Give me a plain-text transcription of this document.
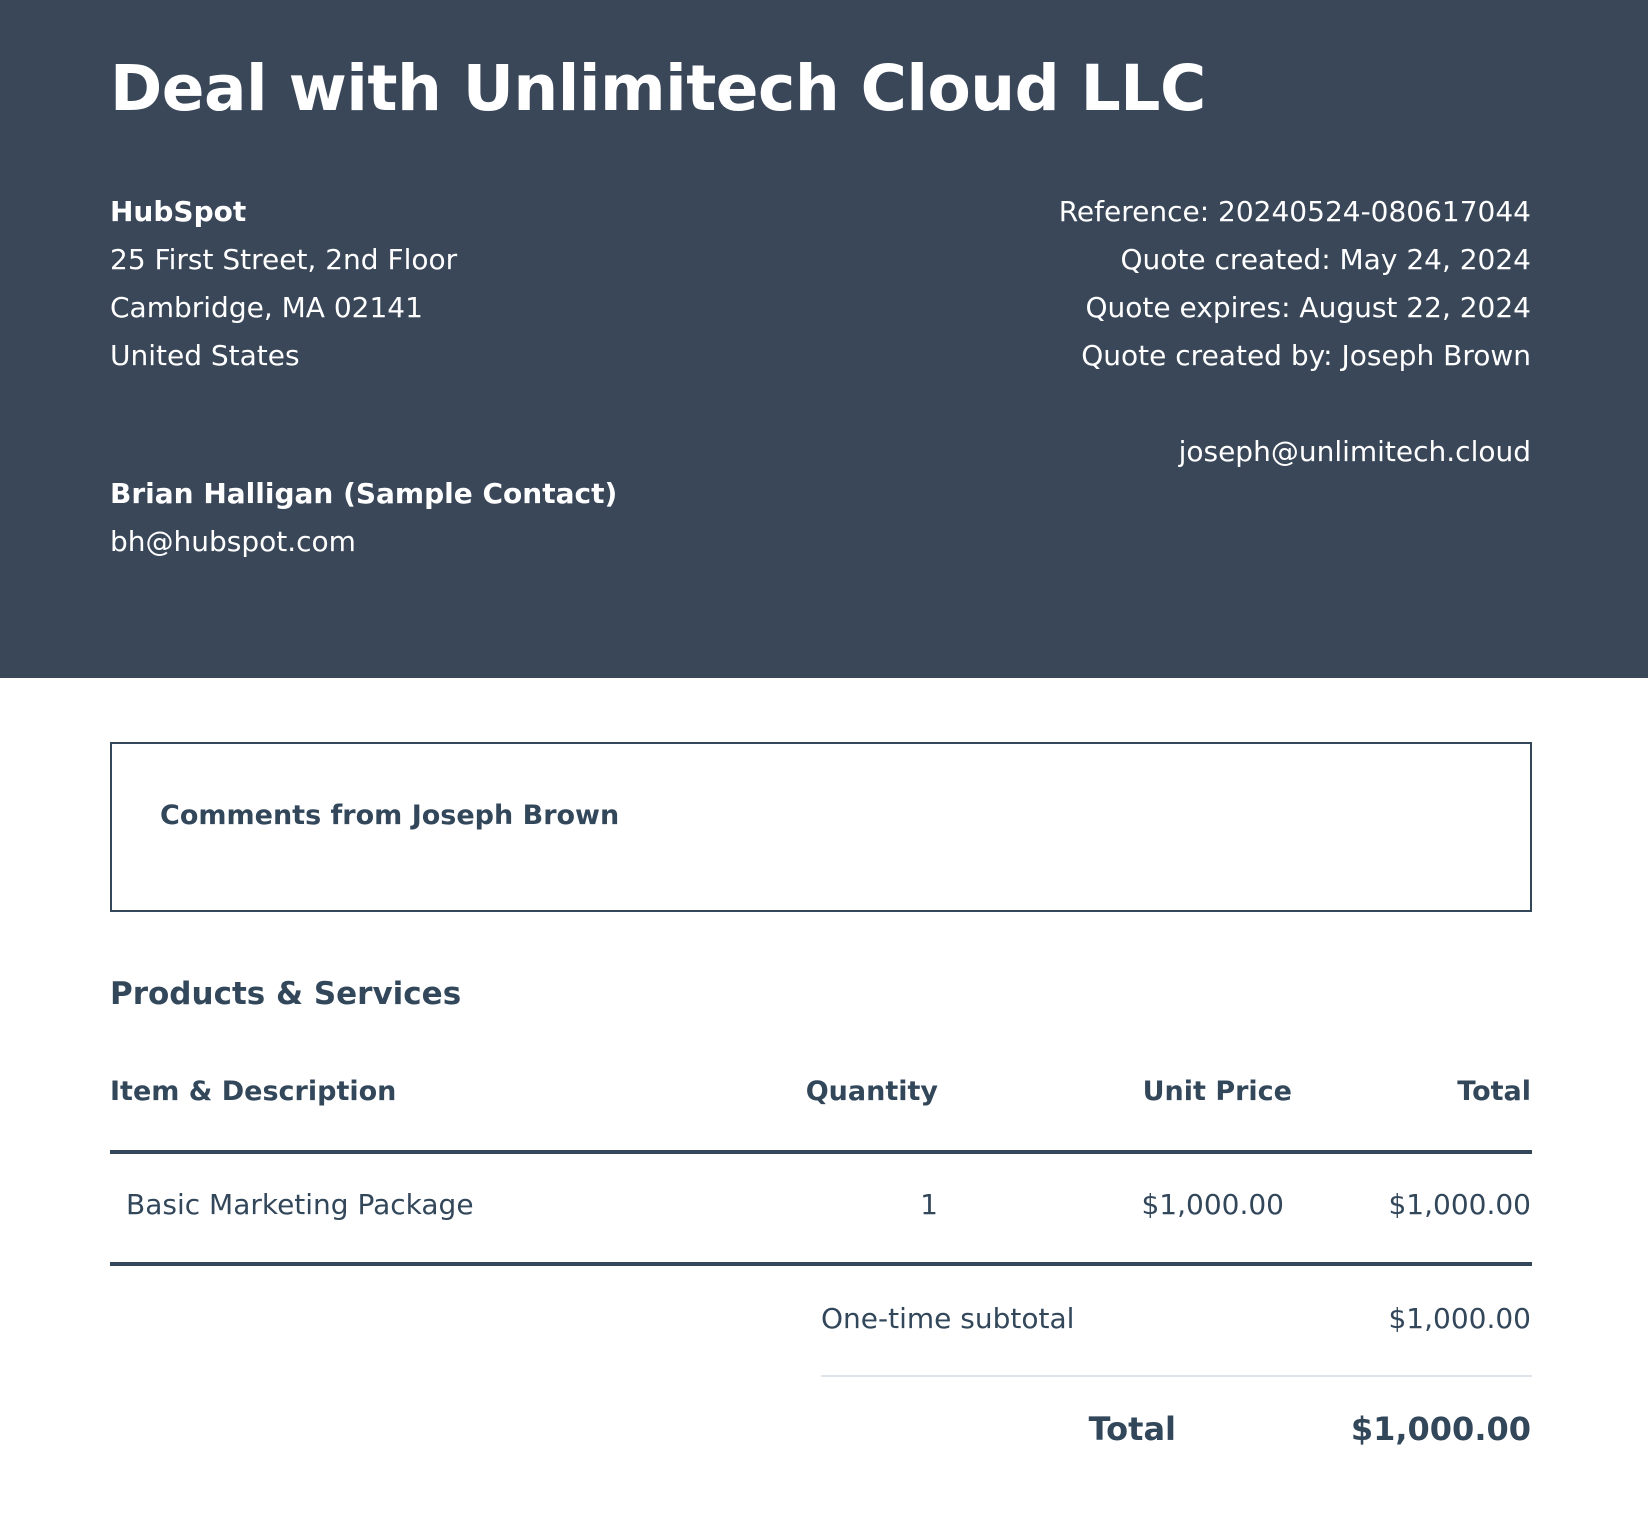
Deal with Unlimitech Cloud LLC
HubSpot
25 First Street, 2nd Floor
Cambridge, MA 02141
United States
Reference: 20240524-080617044
Quote created: May 24, 2024
Quote expires: August 22, 2024
Quote created by: Joseph Brown
joseph@unlimitech.cloud
Brian Halligan (Sample Contact)
bh@hubspot.com
Comments from Joseph Brown
Products & Services
Item & Description	Quantity	Unit Price	Total
Basic Marketing Package	1	$1,000.00	$1,000.00
One-time subtotal	$1,000.00
Total	$1,000.00
